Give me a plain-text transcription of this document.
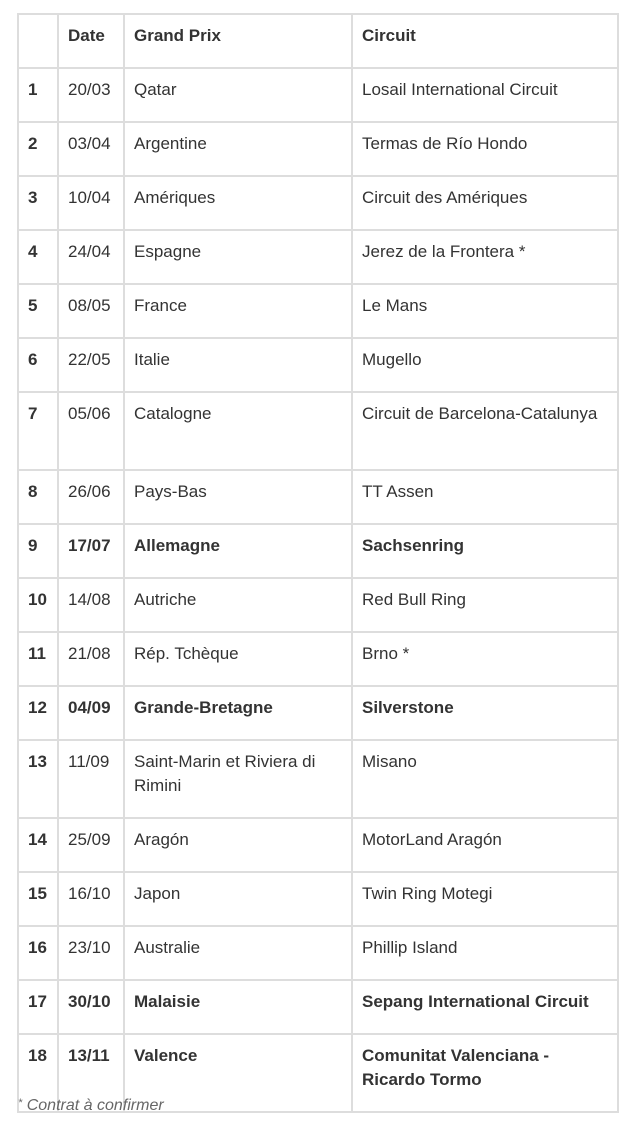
	Date	Grand Prix	Circuit
1	20/03	Qatar	Losail International Circuit
2	03/04	Argentine	Termas de Río Hondo
3	10/04	Amériques	Circuit des Amériques
4	24/04	Espagne	Jerez de la Frontera *
5	08/05	France	Le Mans
6	22/05	Italie	Mugello
7	05/06	Catalogne	Circuit de Barcelona-Catalunya
8	26/06	Pays-Bas	TT Assen
9	17/07	Allemagne	Sachsenring
10	14/08	Autriche	Red Bull Ring
11	21/08	Rép. Tchèque	Brno *
12	04/09	Grande-Bretagne	Silverstone
13	11/09	Saint-Marin et Riviera di Rimini	Misano
14	25/09	Aragón	MotorLand Aragón
15	16/10	Japon	Twin Ring Motegi
16	23/10	Australie	Phillip Island
17	30/10	Malaisie	Sepang International Circuit
18	13/11	Valence	Comunitat Valenciana - Ricardo Tormo
* Contrat à confirmer
